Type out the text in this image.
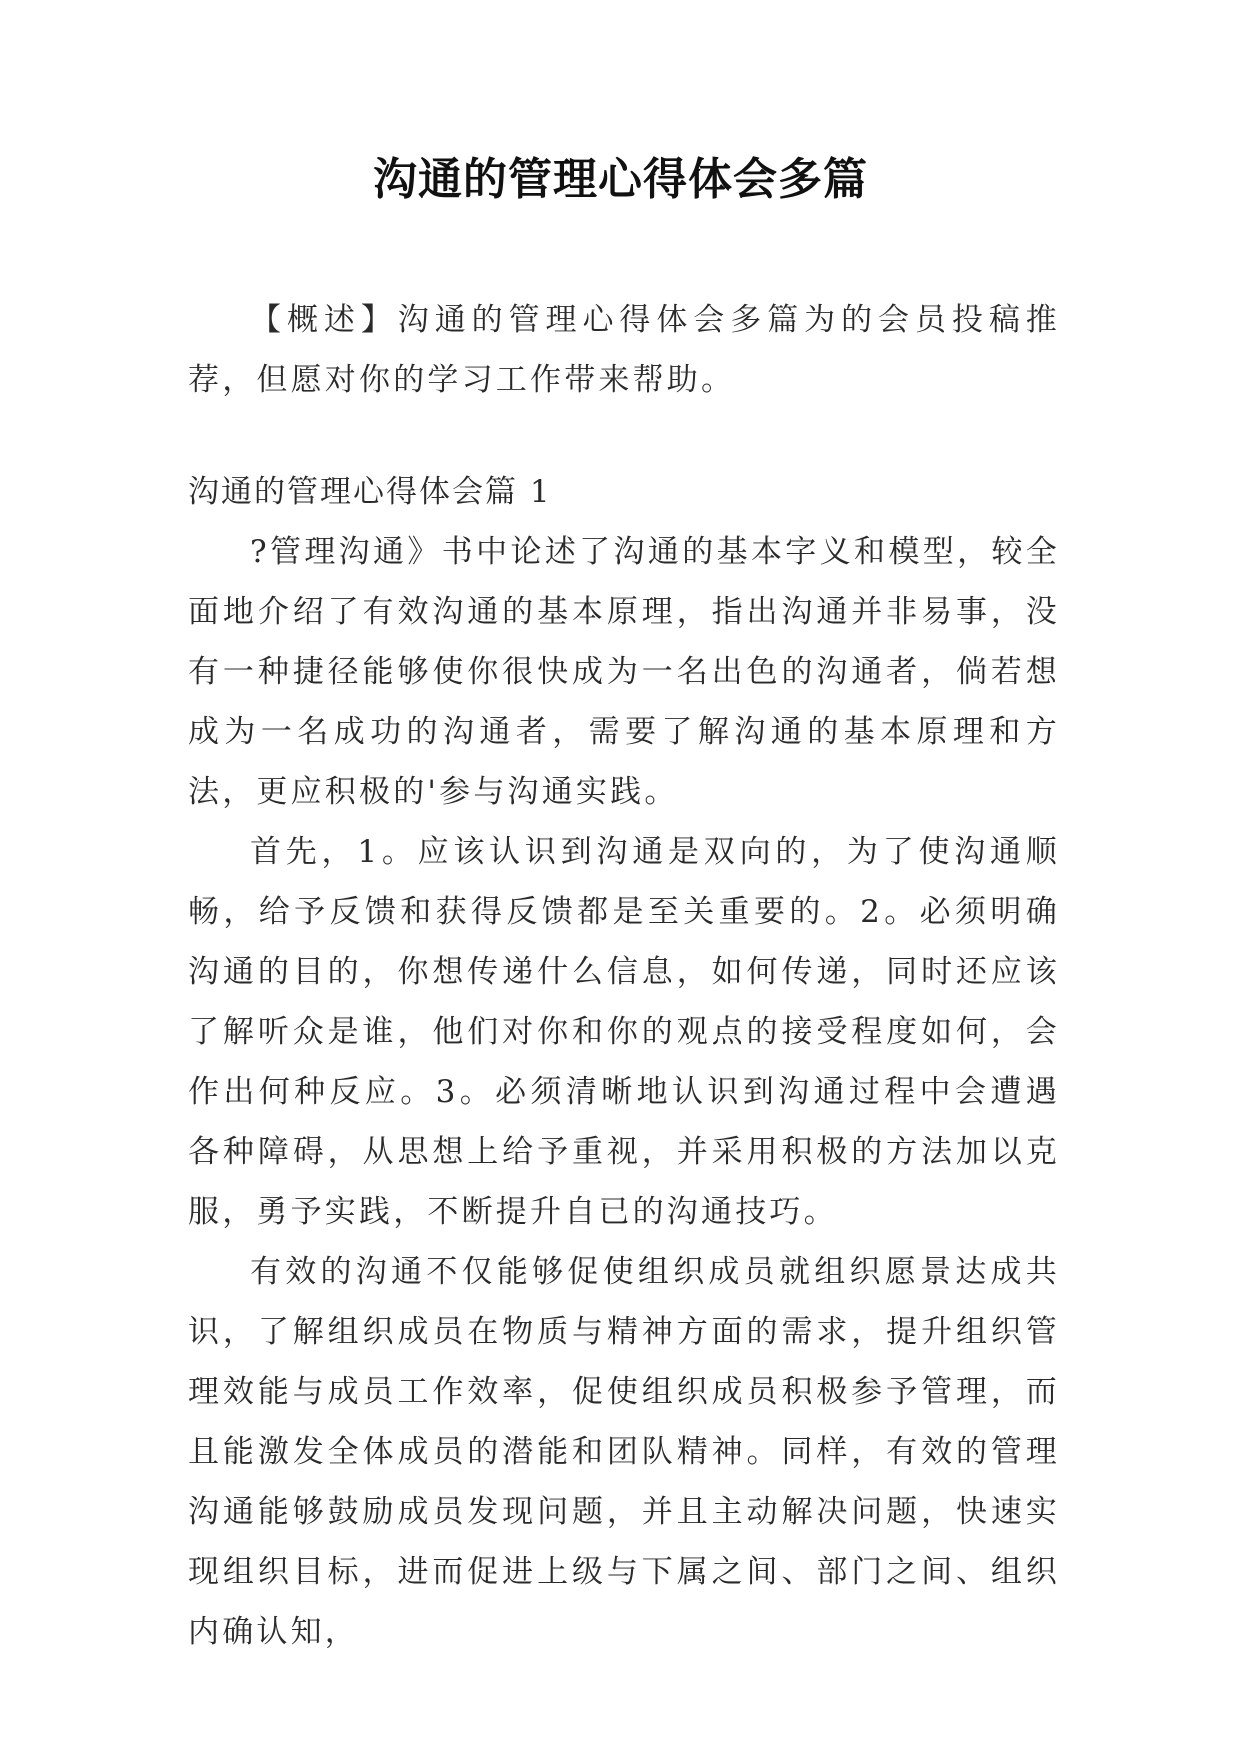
沟通的管理心得体会多篇

【概述】沟通的管理心得体会多篇为的会员投稿推荐，但愿对你的学习工作带来帮助。

沟通的管理心得体会篇 1

?管理沟通》书中论述了沟通的基本字义和模型，较全面地介绍了有效沟通的基本原理，指出沟通并非易事，没有一种捷径能够使你很快成为一名出色的沟通者，倘若想成为一名成功的沟通者，需要了解沟通的基本原理和方法，更应积极的'参与沟通实践。

首先，1。应该认识到沟通是双向的，为了使沟通顺畅，给予反馈和获得反馈都是至关重要的。2。必须明确沟通的目的，你想传递什么信息，如何传递，同时还应该了解听众是谁，他们对你和你的观点的接受程度如何，会作出何种反应。3。必须清晰地认识到沟通过程中会遭遇各种障碍，从思想上给予重视，并采用积极的方法加以克服，勇予实践，不断提升自已的沟通技巧。

有效的沟通不仅能够促使组织成员就组织愿景达成共识，了解组织成员在物质与精神方面的需求，提升组织管理效能与成员工作效率，促使组织成员积极参予管理，而且能激发全体成员的潜能和团队精神。同样，有效的管理沟通能够鼓励成员发现问题，并且主动解决问题，快速实现组织目标，进而促进上级与下属之间、部门之间、组织内确认知，
